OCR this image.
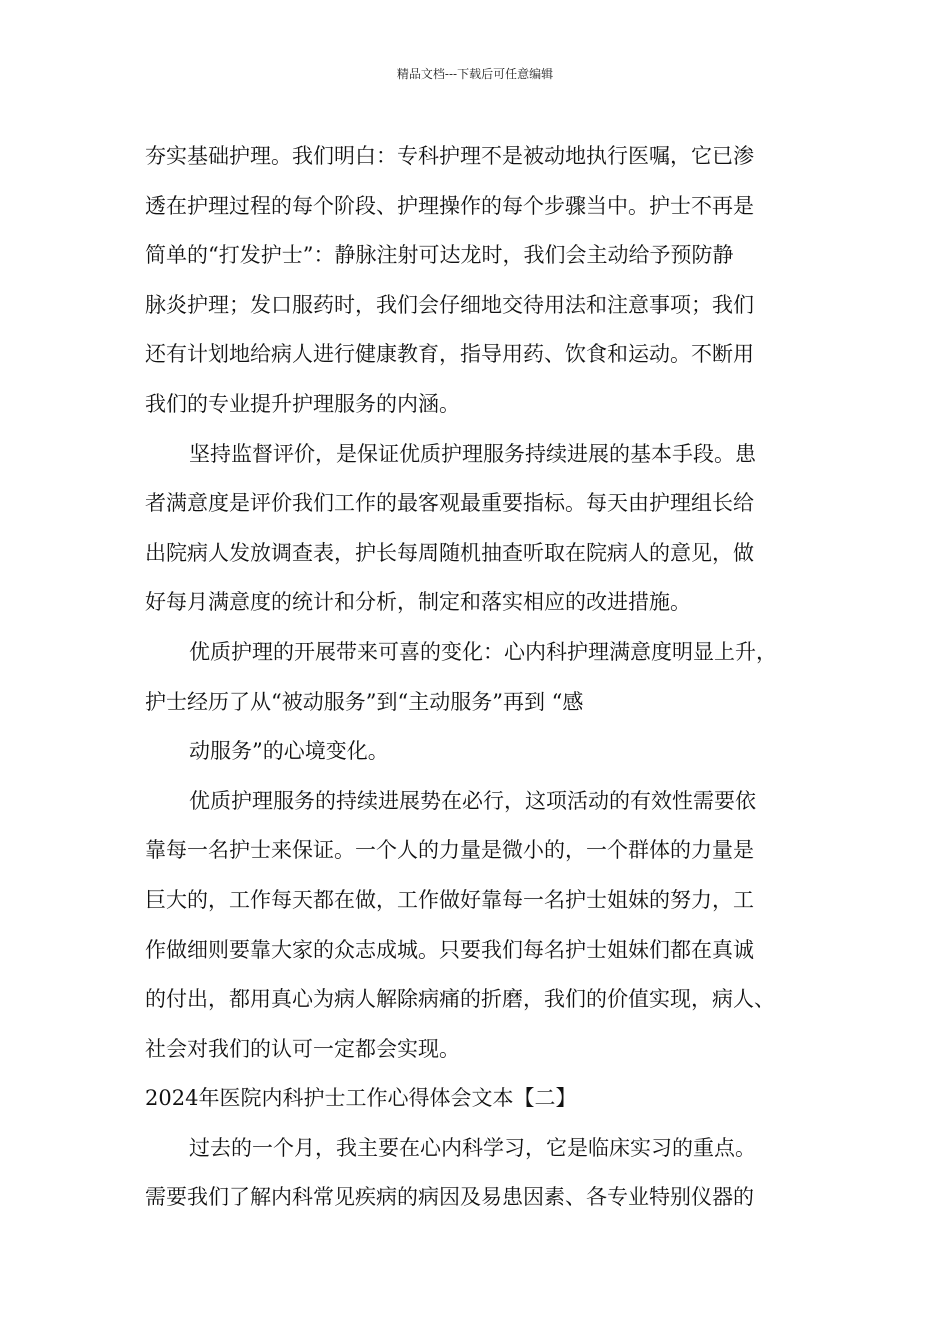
精品文档---下载后可任意编辑
夯实基础护理。我们明白：专科护理不是被动地执行医嘱，它已渗
透在护理过程的每个阶段、护理操作的每个步骤当中。护士不再是
简单的“打发护士”：静脉注射可达龙时，我们会主动给予预防静
脉炎护理；发口服药时，我们会仔细地交待用法和注意事项；我们
还有计划地给病人进行健康教育，指导用药、饮食和运动。不断用
我们的专业提升护理服务的内涵。
坚持监督评价，是保证优质护理服务持续进展的基本手段。患
者满意度是评价我们工作的最客观最重要指标。每天由护理组长给
出院病人发放调查表，护长每周随机抽查听取在院病人的意见，做
好每月满意度的统计和分析，制定和落实相应的改进措施。
优质护理的开展带来可喜的变化：心内科护理满意度明显上升，
护士经历了从“被动服务”到“主动服务”再到 “感
动服务”的心境变化。
优质护理服务的持续进展势在必行，这项活动的有效性需要依
靠每一名护士来保证。一个人的力量是微小的，一个群体的力量是
巨大的，工作每天都在做，工作做好靠每一名护士姐妹的努力，工
作做细则要靠大家的众志成城。只要我们每名护士姐妹们都在真诚
的付出，都用真心为病人解除病痛的折磨，我们的价值实现，病人、
社会对我们的认可一定都会实现。
2024年医院内科护士工作心得体会文本【二】
过去的一个月，我主要在心内科学习，它是临床实习的重点。
需要我们了解内科常见疾病的病因及易患因素、各专业特别仪器的
